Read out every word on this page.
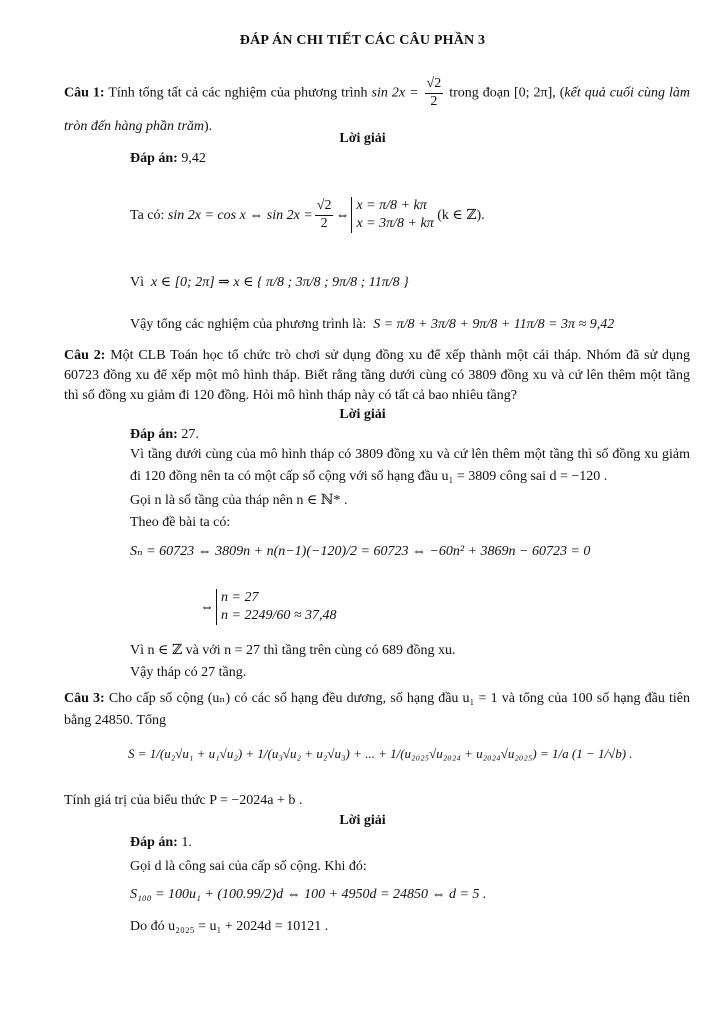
ĐÁP ÁN CHI TIẾT CÁC CÂU PHẦN 3
Câu 1: Tính tổng tất cả các nghiệm của phương trình $\sin 2x = \frac{√2}{2}$ trong đoạn [0; 2π], (kết quả cuối cùng làm tròn đến hàng phần trăm).
Lời giải
Đáp án: 9,42
Ta có:
sin 2x = cos x ⇔ $\sin 2x = \frac{√2}{2}$ ⇔
x = π/8 + kπ
x = 3π/8 + kπ

(k ∈ ℤ).
Vì x ∈ [0; 2π] ⇒ x ∈ { π/8 ; 3π/8 ; 9π/8 ; 11π/8 }
Vậy tổng các nghiệm của phương trình là: S = π/8 + 3π/8 + 9π/8 + 11π/8 = 3π ≈ 9,42
Câu 2: Một CLB Toán học tổ chức trò chơi sử dụng đồng xu để xếp thành một cái tháp. Nhóm đã sử dụng 60723 đồng xu để xếp một mô hình tháp. Biết rằng tầng dưới cùng có 3809 đồng xu và cứ lên thêm một tầng thì số đồng xu giảm đi 120 đồng. Hỏi mô hình tháp này có tất cả bao nhiêu tầng?
Lời giải
Đáp án: 27.
Vì tầng dưới cùng của mô hình tháp có 3809 đồng xu và cứ lên thêm một tầng thì số đồng xu giảm đi 120 đồng nên ta có một cấp số cộng với số hạng đầu u₁ = 3809 công sai d = −120 .
Gọi n là số tầng của tháp nên n ∈ ℕ* .
Theo đề bài ta có:
Sₙ = 60723 ⇔ 3809n + n(n−1)(−120)/2 = 60723 ⇔ −60n² + 3869n − 60723 = 0
⇔
n = 27
n = 2249/60 ≈ 37,48
Vì n ∈ ℤ và với n = 27 thì tầng trên cùng có 689 đồng xu.
Vậy tháp có 27 tầng.
Câu 3: Cho cấp số cộng (uₙ) có các số hạng đều dương, số hạng đầu u₁ = 1 và tổng của 100 số hạng đầu tiên bằng 24850. Tổng
S = 1/(u₂√u₁ + u₁√u₂) + 1/(u₃√u₂ + u₂√u₃) + ... + 1/(u₂₀₂₅√u₂₀₂₄ + u₂₀₂₄√u₂₀₂₅) = 1/a (1 − 1/√b) .
Tính giá trị của biểu thức P = −2024a + b .
Lời giải
Đáp án: 1.
Gọi d là công sai của cấp số cộng. Khi đó:
S₁₀₀ = 100u₁ + (100.99/2)d ⇔ 100 + 4950d = 24850 ⇔ d = 5 .
Do đó u₂₀₂₅ = u₁ + 2024d = 10121 .
